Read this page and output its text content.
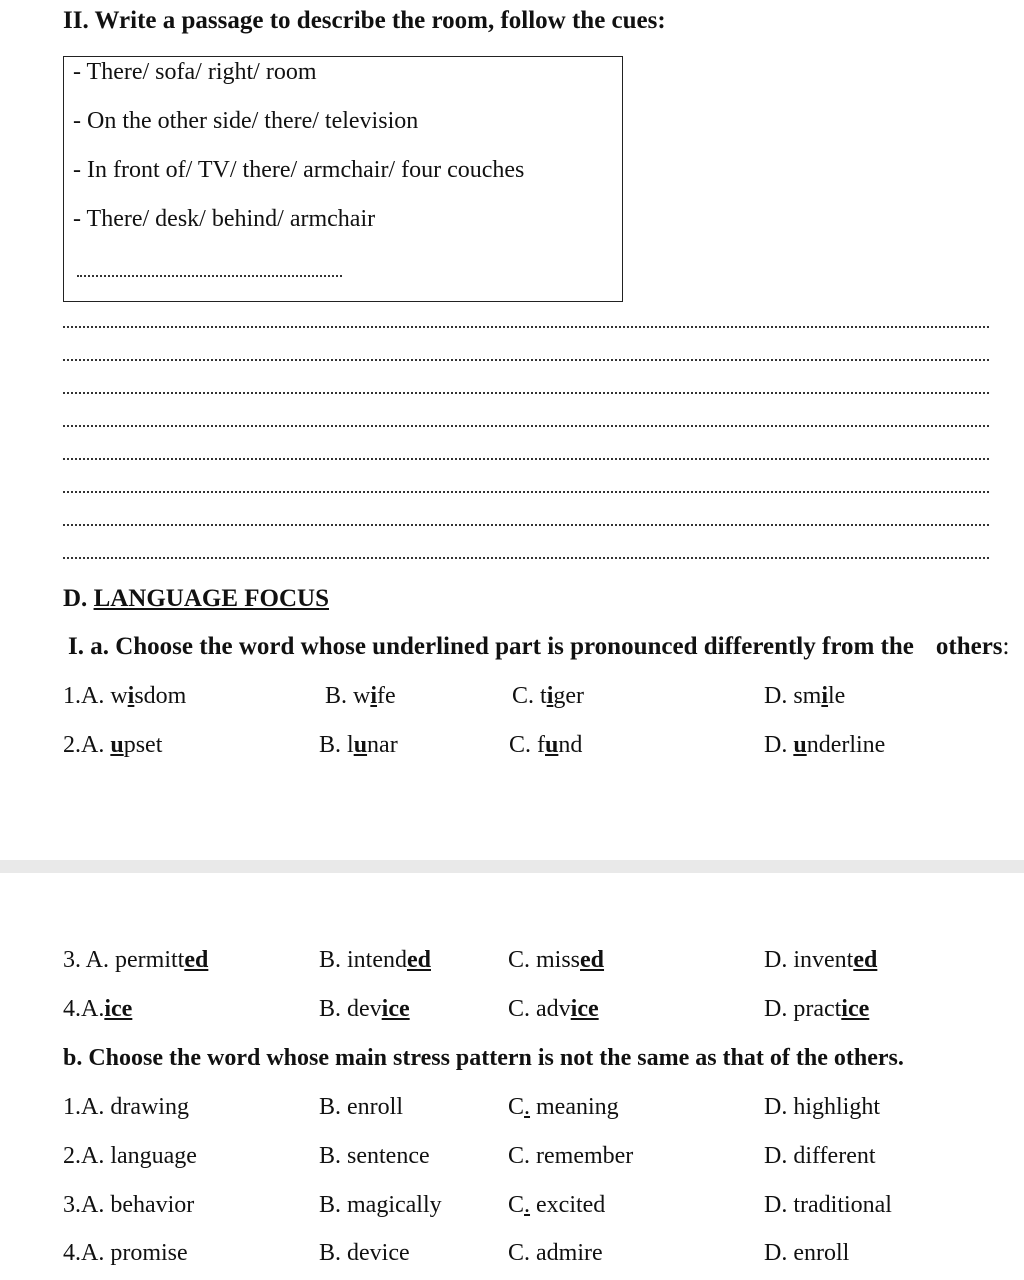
II. Write a passage to describe the room, follow the cues:
- There/ sofa/ right/ room
- On the other side/ there/ television
- In front of/ TV/ there/ armchair/ four couches
- There/ desk/ behind/ armchair
D. LANGUAGE FOCUS
I. a. Choose the word whose underlined part is pronounced differently from the others:
1.A. wisdom	B. wife	C. tiger	D. smile
2.A. upset	B. lunar	C. fund	D. underline
3. A. permitted	B. intended	C. missed	D. invented
4.A.ice	B. device	C. advice	D. practice
b. Choose the word whose main stress pattern is not the same as that of the others.
1.A. drawing	B. enroll	C. meaning	D. highlight
2.A. language	B. sentence	C. remember	D. different
3.A. behavior	B. magically	C. excited	D. traditional
4.A. promise	B. device	C. admire	D. enroll
